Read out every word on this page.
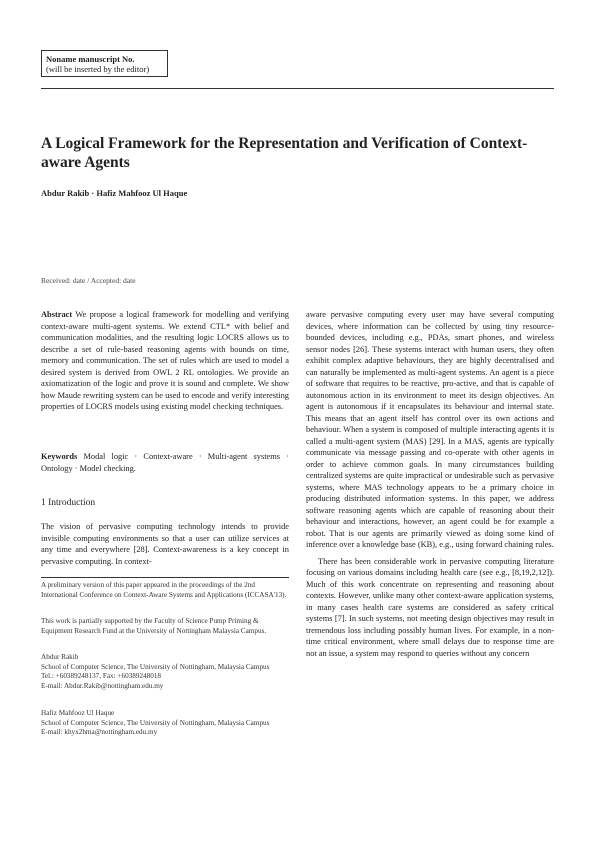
Noname manuscript No.
(will be inserted by the editor)
A Logical Framework for the Representation and Verification of Context-aware Agents
Abdur Rakib · Hafiz Mahfooz Ul Haque
Received: date / Accepted: date

Abstract We propose a logical framework for modelling and verifying context-aware multi-agent systems. We extend CTL* with belief and communication modalities, and the resulting logic LOCRS allows us to describe a set of rule-based reasoning agents with bounds on time, memory and communication. The set of rules which are used to model a desired system is derived from OWL 2 RL ontologies. We provide an axiomatization of the logic and prove it is sound and complete. We show how Maude rewriting system can be used to encode and verify interesting properties of LOCRS models using existing model checking techniques.

Keywords Modal logic · Context-aware · Multi-agent systems · Ontology · Model checking.

1 Introduction

The vision of pervasive computing technology intends to provide invisible computing environments so that a user can utilize services at any time and everywhere [28]. Context-awareness is a key concept in pervasive computing. In context-

A preliminary version of this paper appeared in the proceedings of the 2nd International Conference on Context-Aware Systems and Applications (ICCASA'13).
This work is partially supported by the Faculty of Science Pump Priming & Equipment Research Fund at the University of Nottingham Malaysia Campus.

Abdur Rakib

School of Computer Science, The University of Nottingham, Malaysia Campus

Tel.: +60389248137, Fax: +60389248018

E-mail: Abdur.Rakib@nottingham.edu.my

Hafiz Mahfooz Ul Haque

School of Computer Science, The University of Nottingham, Malaysia Campus

E-mail: khyx2hma@nottingham.edu.my

aware pervasive computing every user may have several computing devices, where information can be collected by using tiny resource-bounded devices, including e.g., PDAs, smart phones, and wireless sensor nodes [26]. These systems interact with human users, they often exhibit complex adaptive behaviours, they are highly decentralised and can naturally be implemented as multi-agent systems. An agent is a piece of software that requires to be reactive, pro-active, and that is capable of autonomous action in its environment to meet its design objectives. An agent is autonomous if it encapsulates its behaviour and internal state. This means that an agent itself has control over its own actions and behaviour. When a system is composed of multiple interacting agents it is called a multi-agent system (MAS) [29]. In a MAS, agents are typically communicate via message passing and co-operate with other agents in order to achieve common goals. In many circumstances building centralized systems are quite impractical or undesirable such as pervasive systems, where MAS technology appears to be a primary choice in producing distributed information systems. In this paper, we address software reasoning agents which are capable of reasoning about their behaviour and interactions, however, an agent could be for example a robot. That is our agents are primarily viewed as doing some kind of inference over a knowledge base (KB), e.g., using forward chaining rules.

There has been considerable work in pervasive computing literature focusing on various domains including health care (see e.g., [8,19,2,12]). Much of this work concentrate on representing and reasoning about contexts. However, unlike many other context-aware application systems, in many cases health care systems are considered as safety critical systems [7]. In such systems, not meeting design objectives may result in tremendous loss including possibly human lives. For example, in a non-time critical environment, where small delays due to response time are not an issue, a system may respond to queries without any concern
